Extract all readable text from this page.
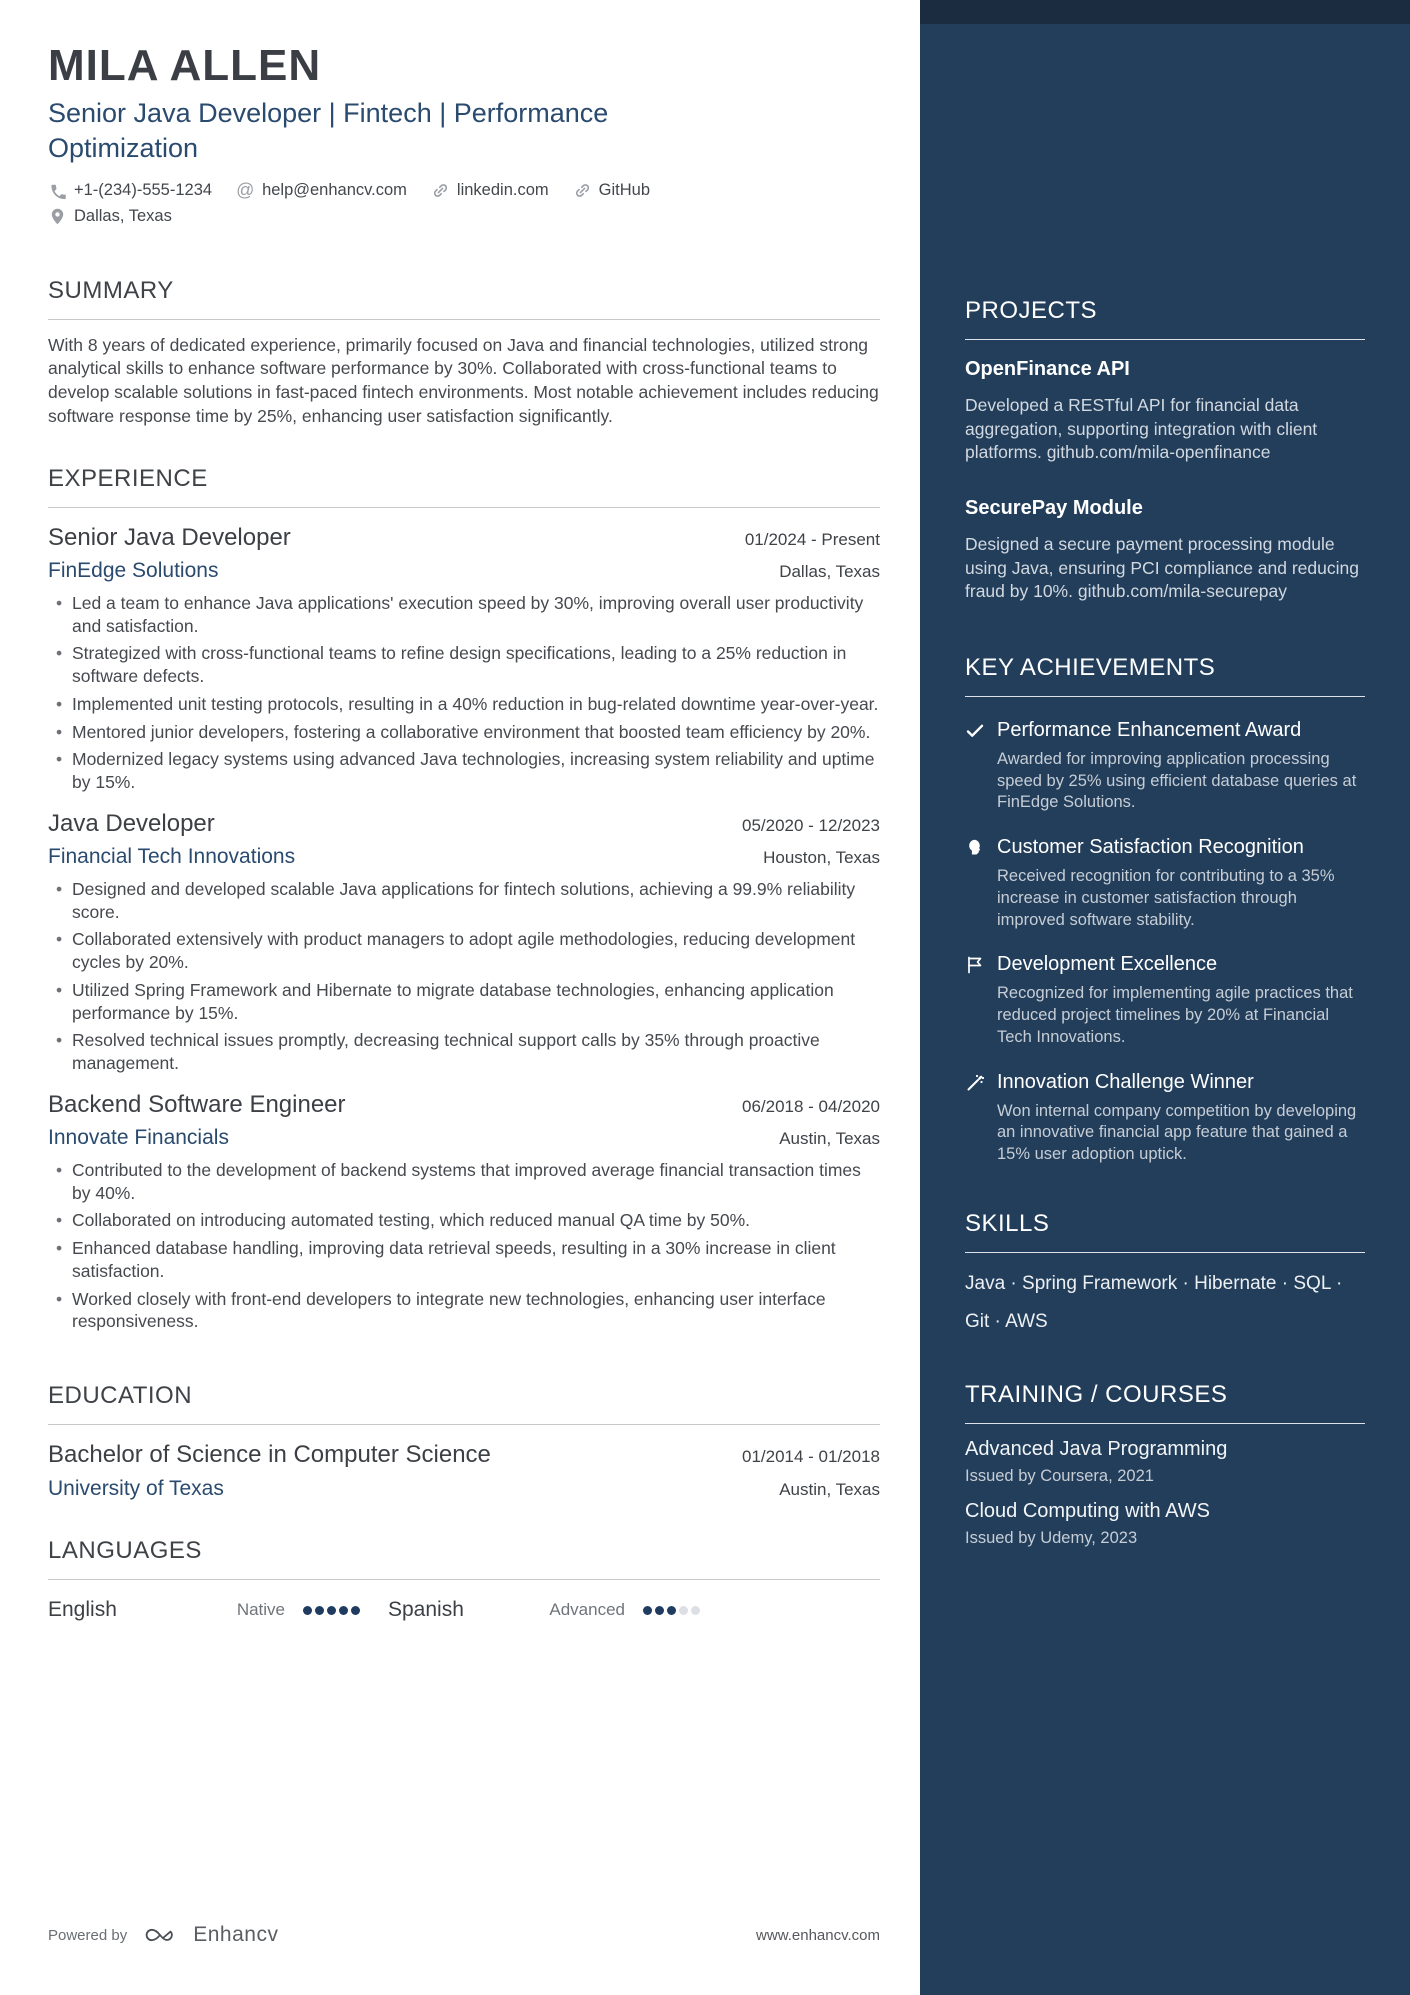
MILA ALLEN
Senior Java Developer | Fintech | Performance Optimization
+1-(234)-555-1234 @ help@enhancv.com	linkedin.com	GitHub
Dallas, Texas
SUMMARY
With 8 years of dedicated experience, primarily focused on Java and financial technologies, utilized strong analytical skills to enhance software performance by 30%. Collaborated with cross-functional teams to develop scalable solutions in fast-paced fintech environments. Most notable achievement includes reducing software response time by 25%, enhancing user satisfaction significantly.
EXPERIENCE
Senior Java Developer	01/2024 - Present
FinEdge Solutions	Dallas, Texas
• Led a team to enhance Java applications' execution speed by 30%, improving overall user productivity and satisfaction.
• Strategized with cross-functional teams to refine design specifications, leading to a 25% reduction in software defects.
• Implemented unit testing protocols, resulting in a 40% reduction in bug-related downtime year-over-year.
• Mentored junior developers, fostering a collaborative environment that boosted team efficiency by 20%.
• Modernized legacy systems using advanced Java technologies, increasing system reliability and uptime by 15%.
Java Developer	05/2020 - 12/2023
Financial Tech Innovations	Houston, Texas
• Designed and developed scalable Java applications for fintech solutions, achieving a 99.9% reliability score.
• Collaborated extensively with product managers to adopt agile methodologies, reducing development cycles by 20%.
• Utilized Spring Framework and Hibernate to migrate database technologies, enhancing application performance by 15%.
• Resolved technical issues promptly, decreasing technical support calls by 35% through proactive management.
Backend Software Engineer	06/2018 - 04/2020
Innovate Financials	Austin, Texas
• Contributed to the development of backend systems that improved average financial transaction times by 40%.
• Collaborated on introducing automated testing, which reduced manual QA time by 50%.
• Enhanced database handling, improving data retrieval speeds, resulting in a 30% increase in client satisfaction.
• Worked closely with front-end developers to integrate new technologies, enhancing user interface responsiveness.
EDUCATION
Bachelor of Science in Computer Science	01/2014 - 01/2018
University of Texas	Austin, Texas
LANGUAGES
English	Native	Spanish	Advanced
Powered by	Enhancv	www.enhancv.com
PROJECTS
OpenFinance API
Developed a RESTful API for financial data aggregation, supporting integration with client platforms. github.com/mila-openfinance
SecurePay Module
Designed a secure payment processing module using Java, ensuring PCI compliance and reducing fraud by 10%. github.com/mila-securepay
KEY ACHIEVEMENTS
Performance Enhancement Award
Awarded for improving application processing speed by 25% using efficient database queries at FinEdge Solutions.
Customer Satisfaction Recognition
Received recognition for contributing to a 35% increase in customer satisfaction through improved software stability.
Development Excellence
Recognized for implementing agile practices that reduced project timelines by 20% at Financial Tech Innovations.
Innovation Challenge Winner
Won internal company competition by developing an innovative financial app feature that gained a 15% user adoption uptick.
SKILLS
Java · Spring Framework · Hibernate · SQL · Git · AWS
TRAINING / COURSES
Advanced Java Programming
Issued by Coursera, 2021
Cloud Computing with AWS
Issued by Udemy, 2023
